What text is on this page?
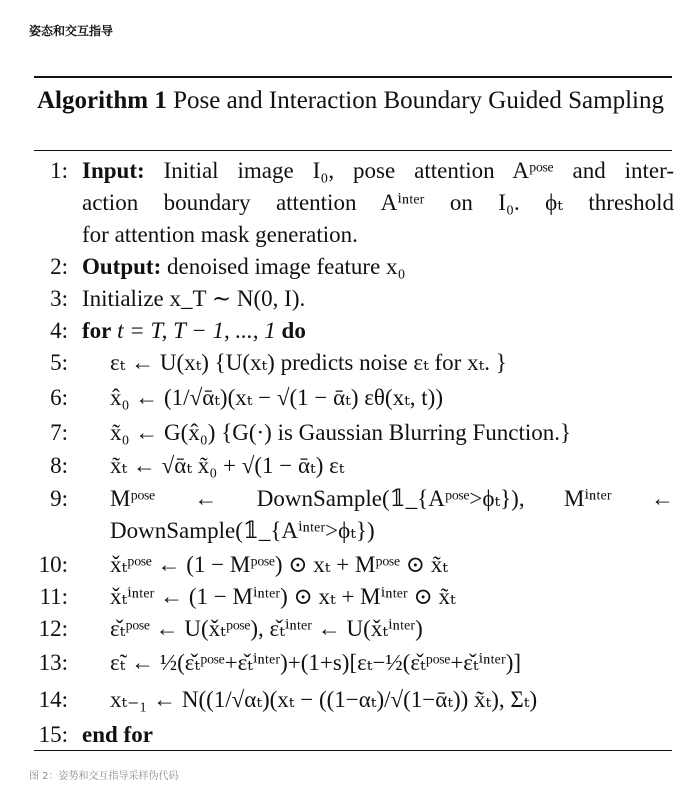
姿态和交互指导
Algorithm 1 Pose and Interaction Boundary Guided Sampling
1: Input: Initial image I₀, pose attention Aᵖᵒˢᵉ and inter-
action boundary attention Aⁱⁿᵗᵉʳ on I₀. ϕₜ threshold
for attention mask generation.
2: Output: denoised image feature x₀
3: Initialize x_T ∼ N(0, I).
4: for t = T, T − 1, ..., 1 do
5: εₜ ← U(xₜ) {U(xₜ) predicts noise εₜ for xₜ. }
6: x̂₀ ← (1/√ᾱₜ)(xₜ − √(1 − ᾱₜ) εθ(xₜ, t))
7: x̃₀ ← G(x̂₀) {G(·) is Gaussian Blurring Function.}
8: x̃ₜ ← √ᾱₜ x̃₀ + √(1 − ᾱₜ) εₜ
9: Mᵖᵒˢᵉ ← DownSample(𝟙_{Aᵖᵒˢᵉ>ϕₜ}), Mⁱⁿᵗᵉʳ ←
DownSample(𝟙_{Aⁱⁿᵗᵉʳ>ϕₜ})
10: x̌ₜᵖᵒˢᵉ ← (1 − Mᵖᵒˢᵉ) ⊙ xₜ + Mᵖᵒˢᵉ ⊙ x̃ₜ
11: x̌ₜⁱⁿᵗᵉʳ ← (1 − Mⁱⁿᵗᵉʳ) ⊙ xₜ + Mⁱⁿᵗᵉʳ ⊙ x̃ₜ
12: ε̌ₜᵖᵒˢᵉ ← U(x̌ₜᵖᵒˢᵉ), ε̌ₜⁱⁿᵗᵉʳ ← U(x̌ₜⁱⁿᵗᵉʳ)
13: ε̃ₜ ← ½(ε̌ₜᵖᵒˢᵉ+ε̌ₜⁱⁿᵗᵉʳ)+(1+s)[εₜ−½(ε̌ₜᵖᵒˢᵉ+ε̌ₜⁱⁿᵗᵉʳ)]
14: xₜ₋₁ ← N((1/√αₜ)(xₜ − ((1−αₜ)/√(1−ᾱₜ)) x̃ₜ), Σₜ)
15: end for
图 2：姿势和交互指导采样伪代码
